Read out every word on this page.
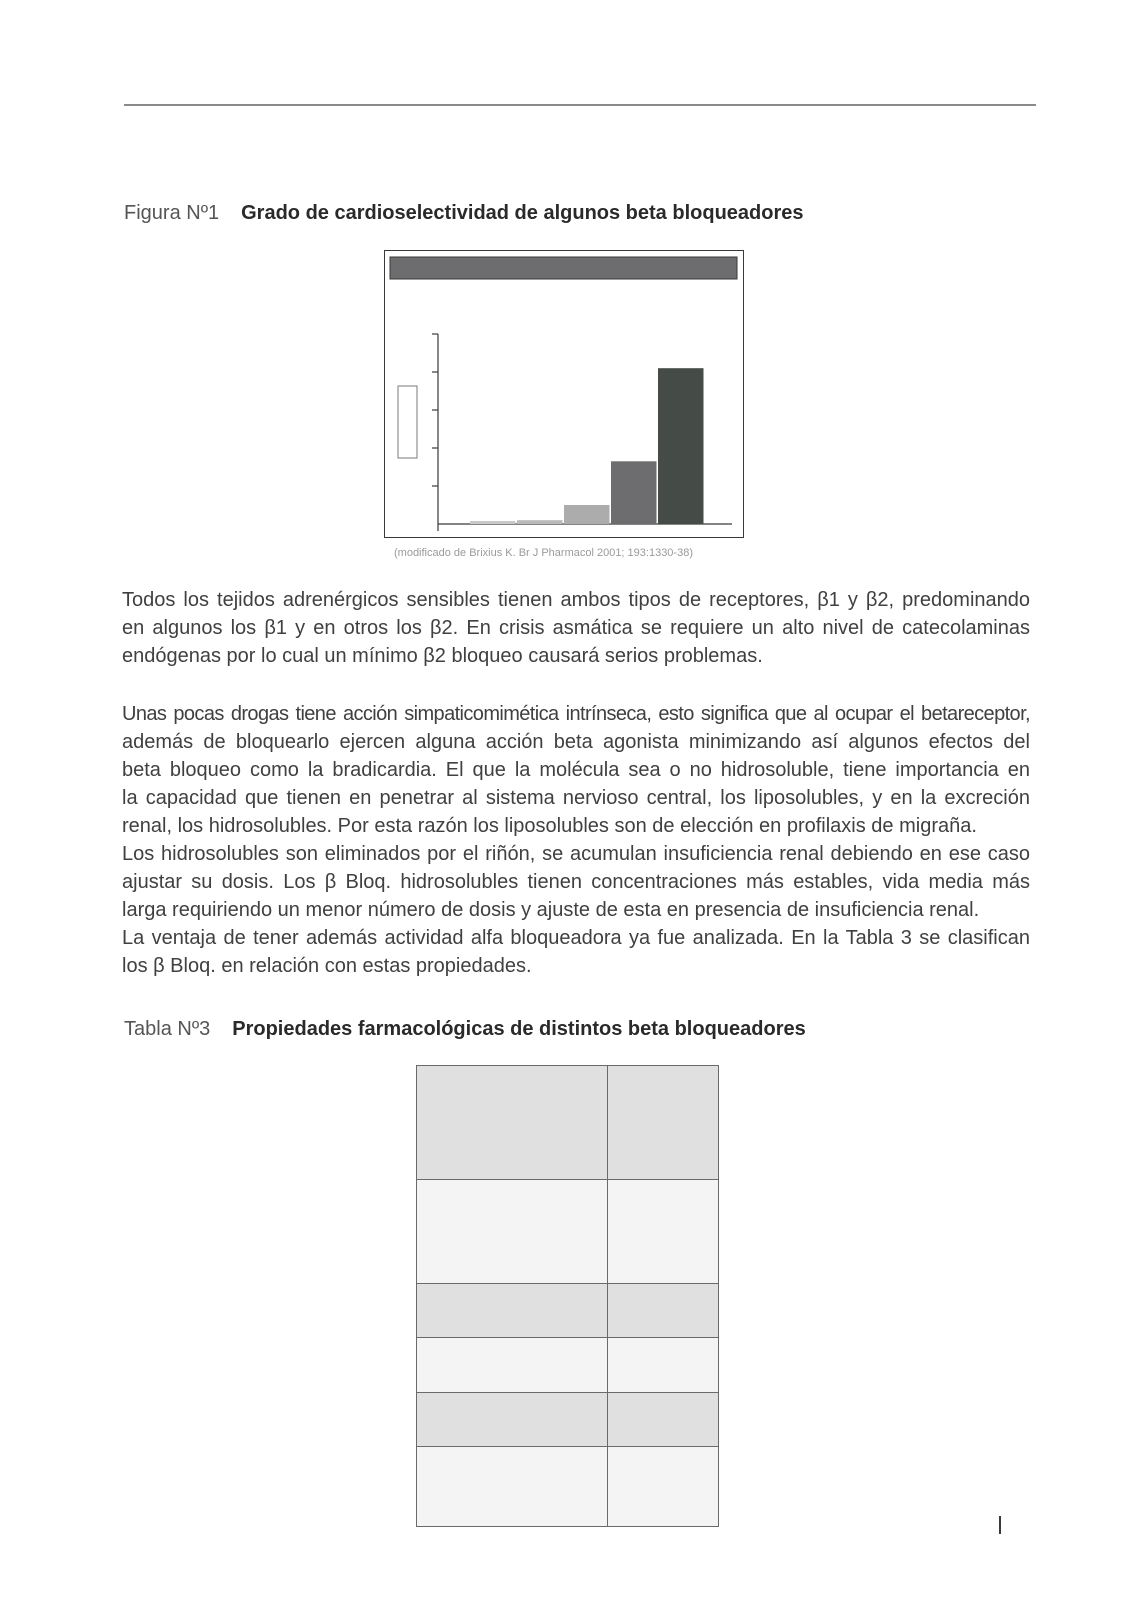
Figura Nº1 Grado de cardioselectividad de algunos beta bloqueadores
(modificado de Brixius K. Br J Pharmacol 2001; 193:1330-38)

Todos los tejidos adrenérgicos sensibles tienen ambos tipos de receptores, β1 y β2, predominando
en algunos los β1 y en otros los β2. En crisis asmática se requiere un alto nivel de catecolaminas
endógenas por lo cual un mínimo β2 bloqueo causará serios problemas.

Unas pocas drogas tiene acción simpaticomimética intrínseca, esto significa que al ocupar el betareceptor,
además de bloquearlo ejercen alguna acción beta agonista minimizando así algunos efectos del
beta bloqueo como la bradicardia. El que la molécula sea o no hidrosoluble, tiene importancia en
la capacidad que tienen en penetrar al sistema nervioso central, los liposolubles, y en la excreción
renal, los hidrosolubles. Por esta razón los liposolubles son de elección en profilaxis de migraña.
Los hidrosolubles son eliminados por el riñón, se acumulan insuficiencia renal debiendo en ese caso
ajustar su dosis. Los β Bloq. hidrosolubles tienen concentraciones más estables, vida media más
larga requiriendo un menor número de dosis y ajuste de esta en presencia de insuficiencia renal.
La ventaja de tener además actividad alfa bloqueadora ya fue analizada. En la Tabla 3 se clasifican
los β Bloq. en relación con estas propiedades.

Tabla Nº3 Propiedades farmacológicas de distintos beta bloqueadores
